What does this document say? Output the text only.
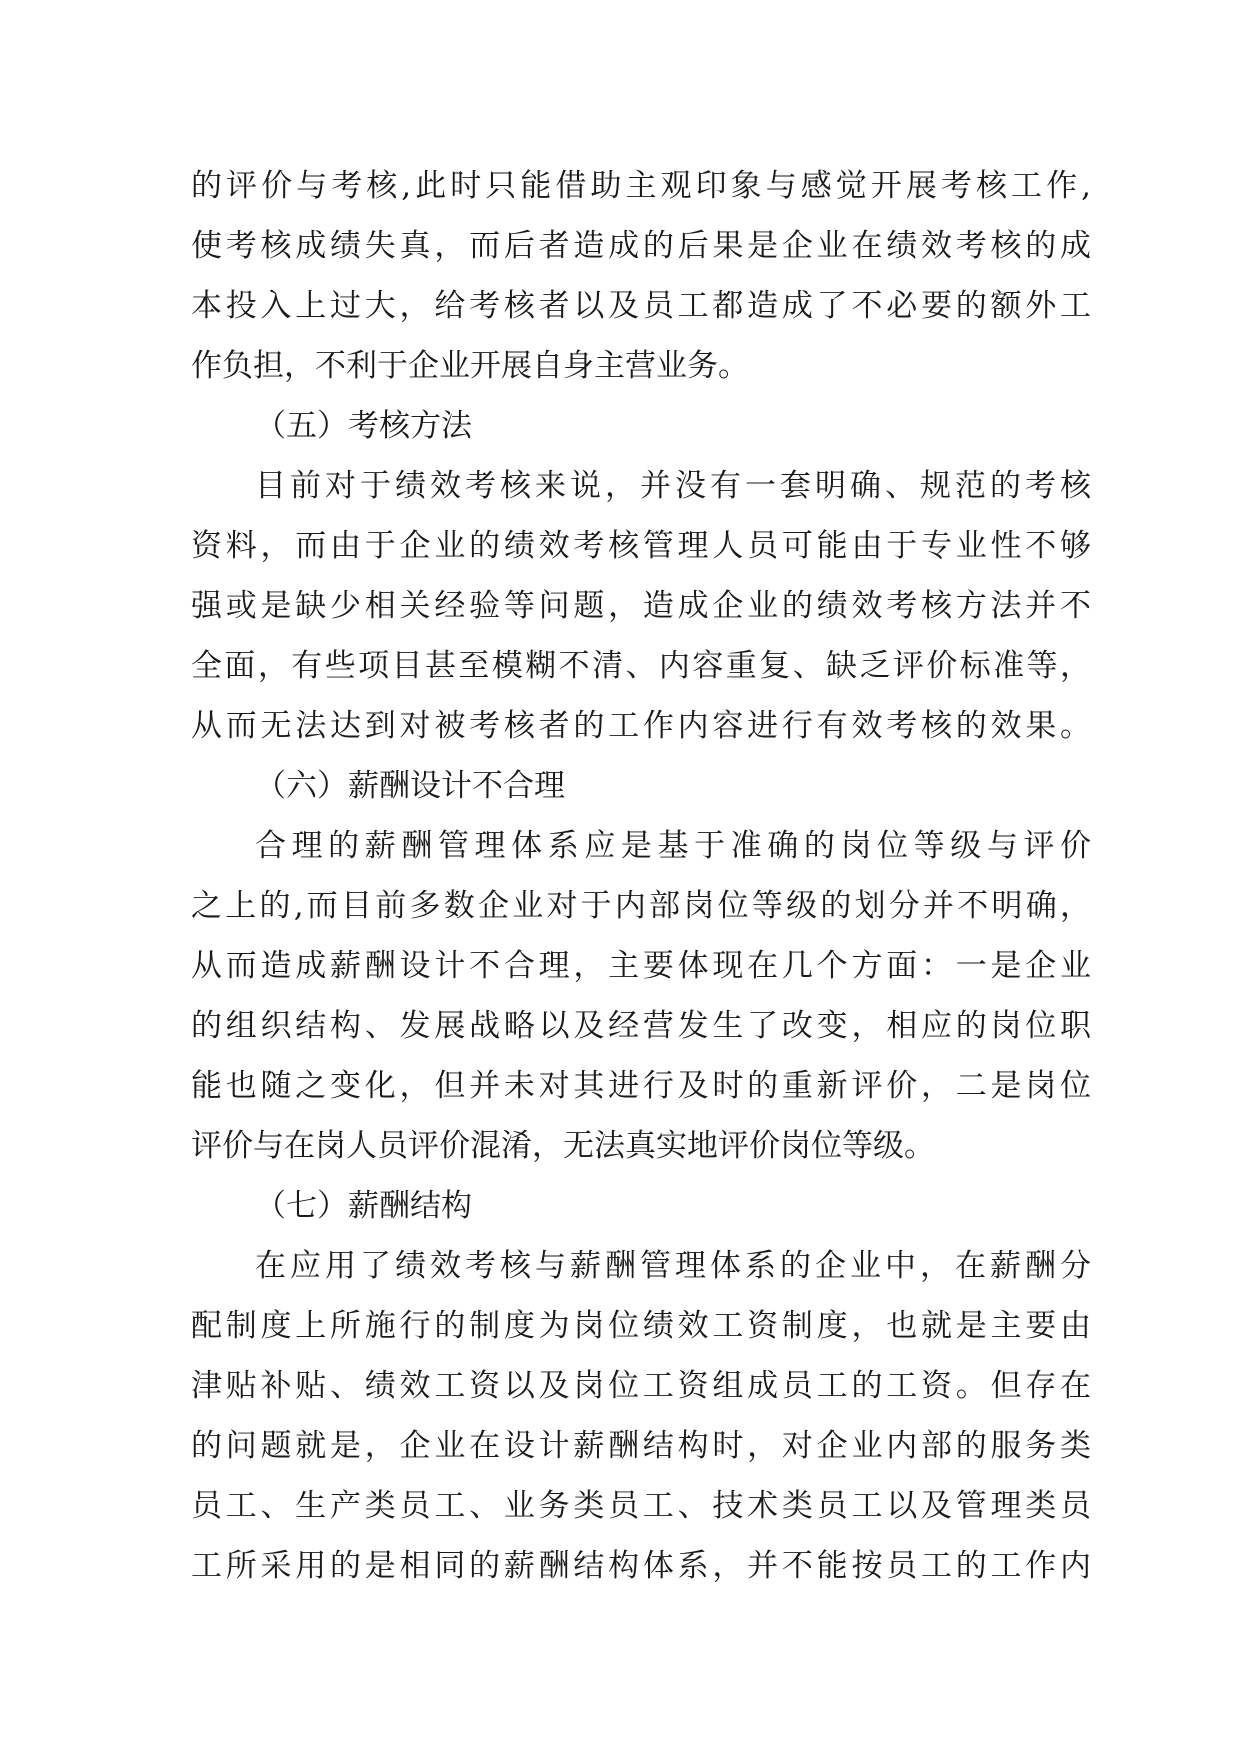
的评价与考核,此时只能借助主观印象与感觉开展考核工作,
使考核成绩失真，而后者造成的后果是企业在绩效考核的成
本投入上过大，给考核者以及员工都造成了不必要的额外工
作负担，不利于企业开展自身主营业务。
（五）考核方法
目前对于绩效考核来说，并没有一套明确、规范的考核
资料，而由于企业的绩效考核管理人员可能由于专业性不够
强或是缺少相关经验等问题，造成企业的绩效考核方法并不
全面，有些项目甚至模糊不清、内容重复、缺乏评价标准等，
从而无法达到对被考核者的工作内容进行有效考核的效果。
（六）薪酬设计不合理
合理的薪酬管理体系应是基于准确的岗位等级与评价
之上的,而目前多数企业对于内部岗位等级的划分并不明确，
从而造成薪酬设计不合理，主要体现在几个方面：一是企业
的组织结构、发展战略以及经营发生了改变，相应的岗位职
能也随之变化，但并未对其进行及时的重新评价，二是岗位
评价与在岗人员评价混淆，无法真实地评价岗位等级。
（七）薪酬结构
在应用了绩效考核与薪酬管理体系的企业中，在薪酬分
配制度上所施行的制度为岗位绩效工资制度，也就是主要由
津贴补贴、绩效工资以及岗位工资组成员工的工资。但存在
的问题就是，企业在设计薪酬结构时，对企业内部的服务类
员工、生产类员工、业务类员工、技术类员工以及管理类员
工所采用的是相同的薪酬结构体系，并不能按员工的工作内
